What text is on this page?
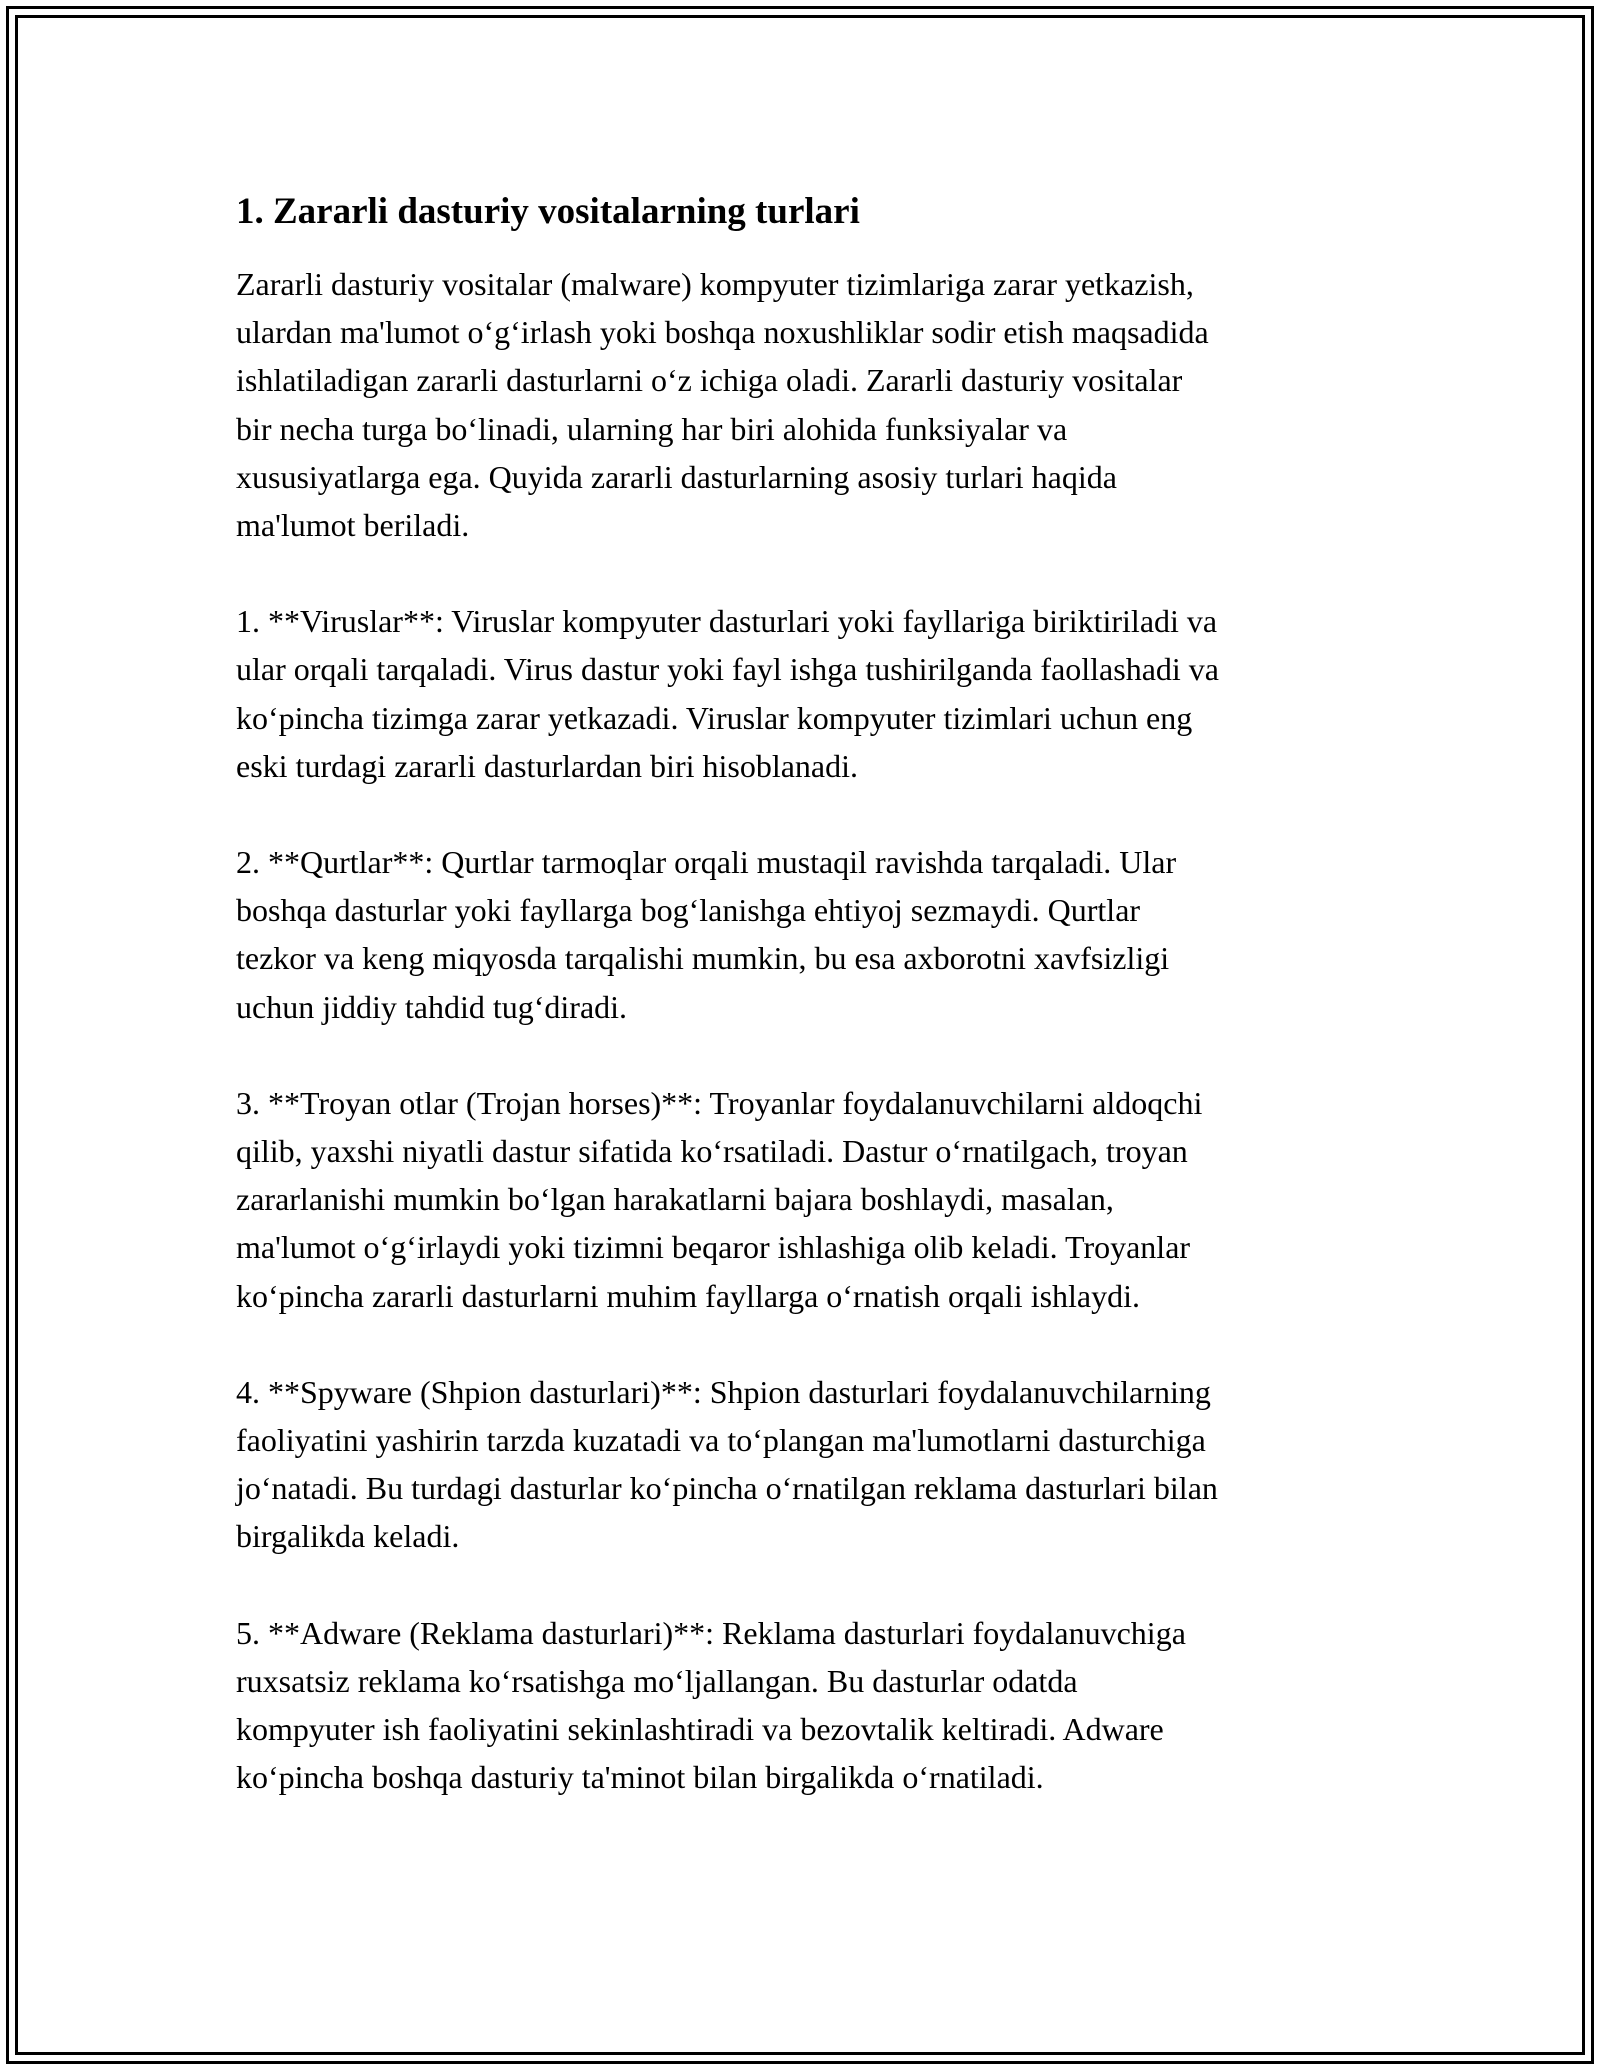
1. Zararli dasturiy vositalarning turlari

Zararli dasturiy vositalar (malware) kompyuter tizimlariga zarar yetkazish,
ulardan ma'lumot o‘g‘irlash yoki boshqa noxushliklar sodir etish maqsadida
ishlatiladigan zararli dasturlarni o‘z ichiga oladi. Zararli dasturiy vositalar
bir necha turga bo‘linadi, ularning har biri alohida funksiyalar va
xususiyatlarga ega. Quyida zararli dasturlarning asosiy turlari haqida
ma'lumot beriladi.

1. **Viruslar**: Viruslar kompyuter dasturlari yoki fayllariga biriktiriladi va
ular orqali tarqaladi. Virus dastur yoki fayl ishga tushirilganda faollashadi va
ko‘pincha tizimga zarar yetkazadi. Viruslar kompyuter tizimlari uchun eng
eski turdagi zararli dasturlardan biri hisoblanadi.

2. **Qurtlar**: Qurtlar tarmoqlar orqali mustaqil ravishda tarqaladi. Ular
boshqa dasturlar yoki fayllarga bog‘lanishga ehtiyoj sezmaydi. Qurtlar
tezkor va keng miqyosda tarqalishi mumkin, bu esa axborotni xavfsizligi
uchun jiddiy tahdid tug‘diradi.

3. **Troyan otlar (Trojan horses)**: Troyanlar foydalanuvchilarni aldoqchi
qilib, yaxshi niyatli dastur sifatida ko‘rsatiladi. Dastur o‘rnatilgach, troyan
zararlanishi mumkin bo‘lgan harakatlarni bajara boshlaydi, masalan,
ma'lumot o‘g‘irlaydi yoki tizimni beqaror ishlashiga olib keladi. Troyanlar
ko‘pincha zararli dasturlarni muhim fayllarga o‘rnatish orqali ishlaydi.

4. **Spyware (Shpion dasturlari)**: Shpion dasturlari foydalanuvchilarning
faoliyatini yashirin tarzda kuzatadi va to‘plangan ma'lumotlarni dasturchiga
jo‘natadi. Bu turdagi dasturlar ko‘pincha o‘rnatilgan reklama dasturlari bilan
birgalikda keladi.

5. **Adware (Reklama dasturlari)**: Reklama dasturlari foydalanuvchiga
ruxsatsiz reklama ko‘rsatishga mo‘ljallangan. Bu dasturlar odatda
kompyuter ish faoliyatini sekinlashtiradi va bezovtalik keltiradi. Adware
ko‘pincha boshqa dasturiy ta'minot bilan birgalikda o‘rnatiladi.
